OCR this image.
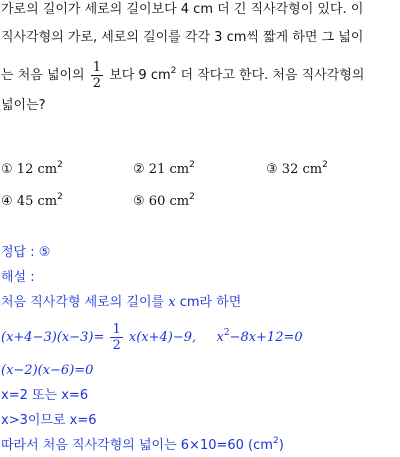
가로의 길이가 세로의 길이보다 4 cm 더 긴 직사각형이 있다. 이
직사각형의 가로, 세로의 길이를 각각 3 cm씩 짧게 하면 그 넓이
는 처음 넓이의 $\frac{1}{2}$ 보다 9 $cm^2$ 더 작다고 한다. 처음 직사각형의
넓이는?
① 12 $cm^2$	② 21 $cm^2$	③ 32 $cm^2$
④ 45 $cm^2$	⑤ 60 $cm^2$
정답 : ⑤
해설 :
처음 직사각형 세로의 길이를 x cm라 하면
$(x+4-3)(x-3)= \frac{1}{2} x(x+4)-9$, $x^2-8x+12=0$
(x−2)(x−6)=0
x=2 또는 x=6
x>3이므로 x=6
따라서 처음 직사각형의 넓이는 6×10=60 $(cm^2)$
